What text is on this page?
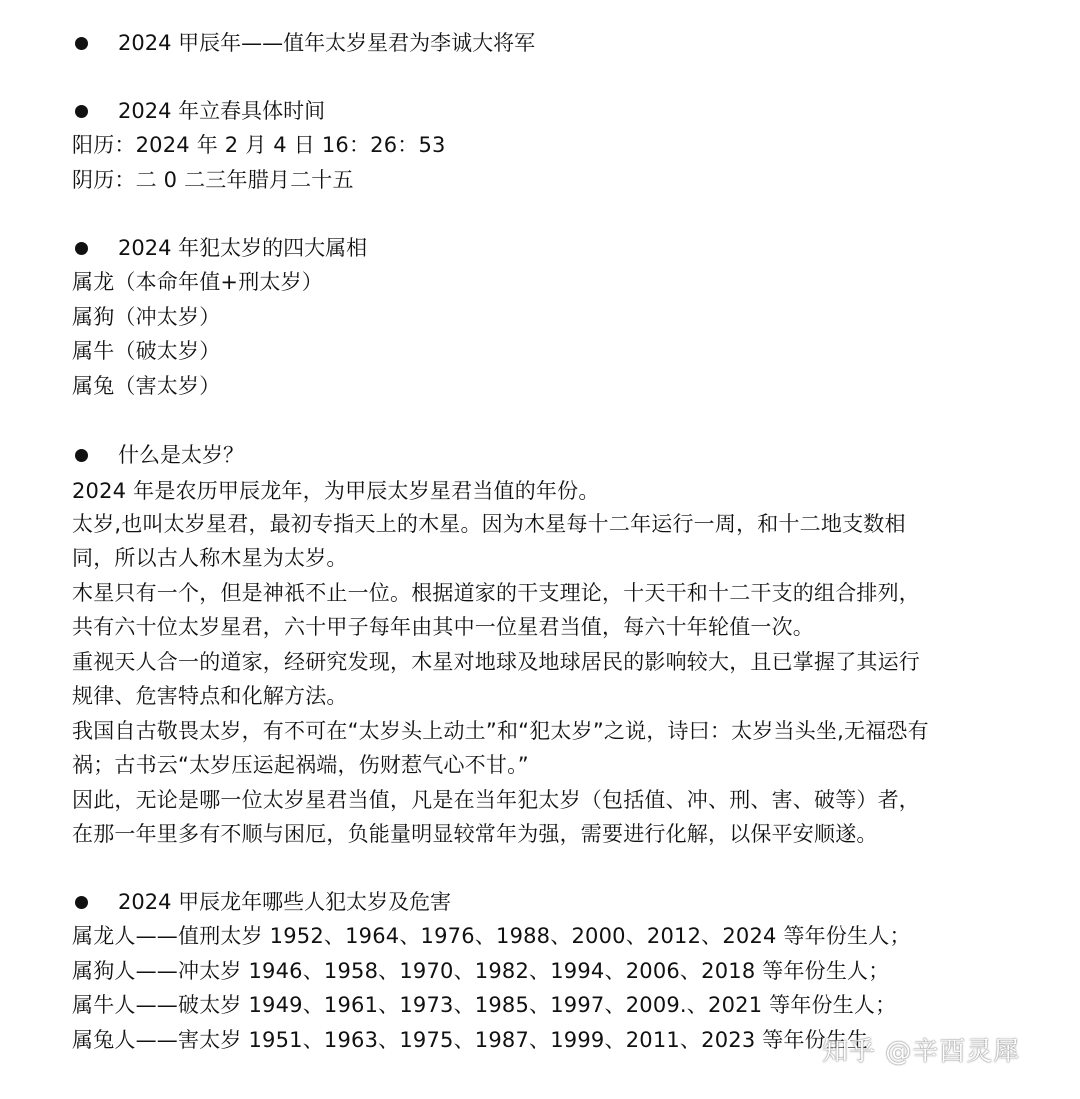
2024 甲辰年——值年太岁星君为李诚大将军
2024 年立春具体时间
阳历：2024 年 2 月 4 日 16：26：53
阴历：二 0 二三年腊月二十五
2024 年犯太岁的四大属相
属龙（本命年值+刑太岁）
属狗（冲太岁）
属牛（破太岁）
属兔（害太岁）
什么是太岁？
2024 年是农历甲辰龙年，为甲辰太岁星君当值的年份。
太岁,也叫太岁星君，最初专指天上的木星。因为木星每十二年运行一周，和十二地支数相
同，所以古人称木星为太岁。
木星只有一个，但是神祇不止一位。根据道家的干支理论，十天干和十二干支的组合排列，
共有六十位太岁星君，六十甲子每年由其中一位星君当值，每六十年轮值一次。
重视天人合一的道家，经研究发现，木星对地球及地球居民的影响较大，且已掌握了其运行
规律、危害特点和化解方法。
我国自古敬畏太岁，有不可在“太岁头上动土”和“犯太岁”之说，诗曰：太岁当头坐,无福恐有
祸；古书云“太岁压运起祸端，伤财惹气心不甘。”
因此，无论是哪一位太岁星君当值，凡是在当年犯太岁（包括值、冲、刑、害、破等）者，
在那一年里多有不顺与困厄，负能量明显较常年为强，需要进行化解，以保平安顺遂。
2024 甲辰龙年哪些人犯太岁及危害
属龙人——值刑太岁 1952、1964、1976、1988、2000、2012、2024 等年份生人；
属狗人——冲太岁 1946、1958、1970、1982、1994、2006、2018 等年份生人；
属牛人——破太岁 1949、1961、1973、1985、1997、2009.、2021 等年份生人；
属兔人——害太岁 1951、1963、1975、1987、1999、2011、2023 等年份生生
知乎 @辛酉灵犀
